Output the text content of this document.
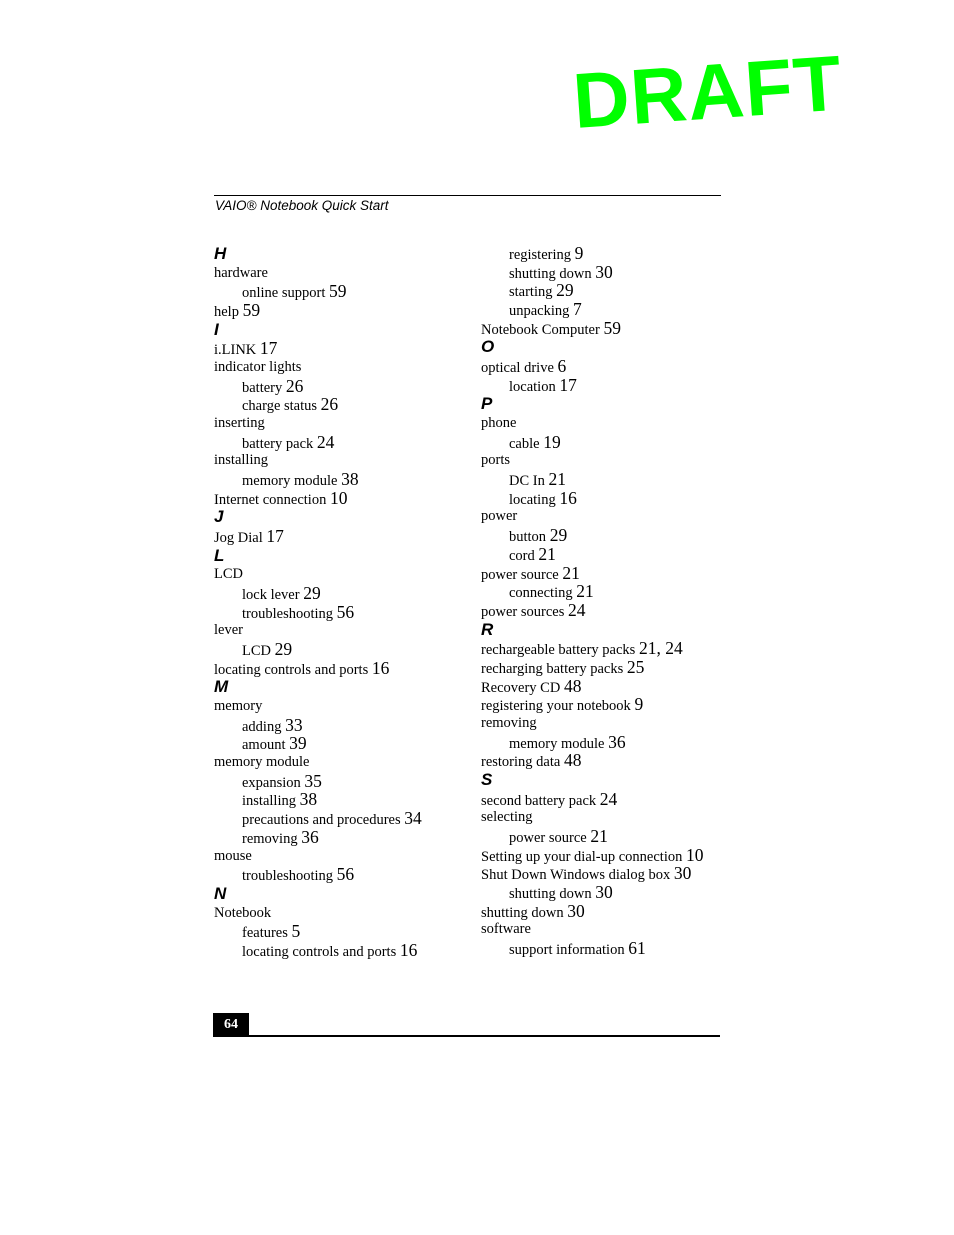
DRAFT
VAIO® Notebook Quick Start
H
hardware
online support 59
help 59
I
i.LINK 17
indicator lights
battery 26
charge status 26
inserting
battery pack 24
installing
memory module 38
Internet connection 10
J
Jog Dial 17
L
LCD
lock lever 29
troubleshooting 56
lever
LCD 29
locating controls and ports 16
M
memory
adding 33
amount 39
memory module
expansion 35
installing 38
precautions and procedures 34
removing 36
mouse
troubleshooting 56
N
Notebook
features 5
locating controls and ports 16
registering 9
shutting down 30
starting 29
unpacking 7
Notebook Computer 59
O
optical drive 6
location 17
P
phone
cable 19
ports
DC In 21
locating 16
power
button 29
cord 21
power source 21
connecting 21
power sources 24
R
rechargeable battery packs 21, 24
recharging battery packs 25
Recovery CD 48
registering your notebook 9
removing
memory module 36
restoring data 48
S
second battery pack 24
selecting
power source 21
Setting up your dial-up connection 10
Shut Down Windows dialog box 30
shutting down 30
shutting down 30
software
support information 61
64
